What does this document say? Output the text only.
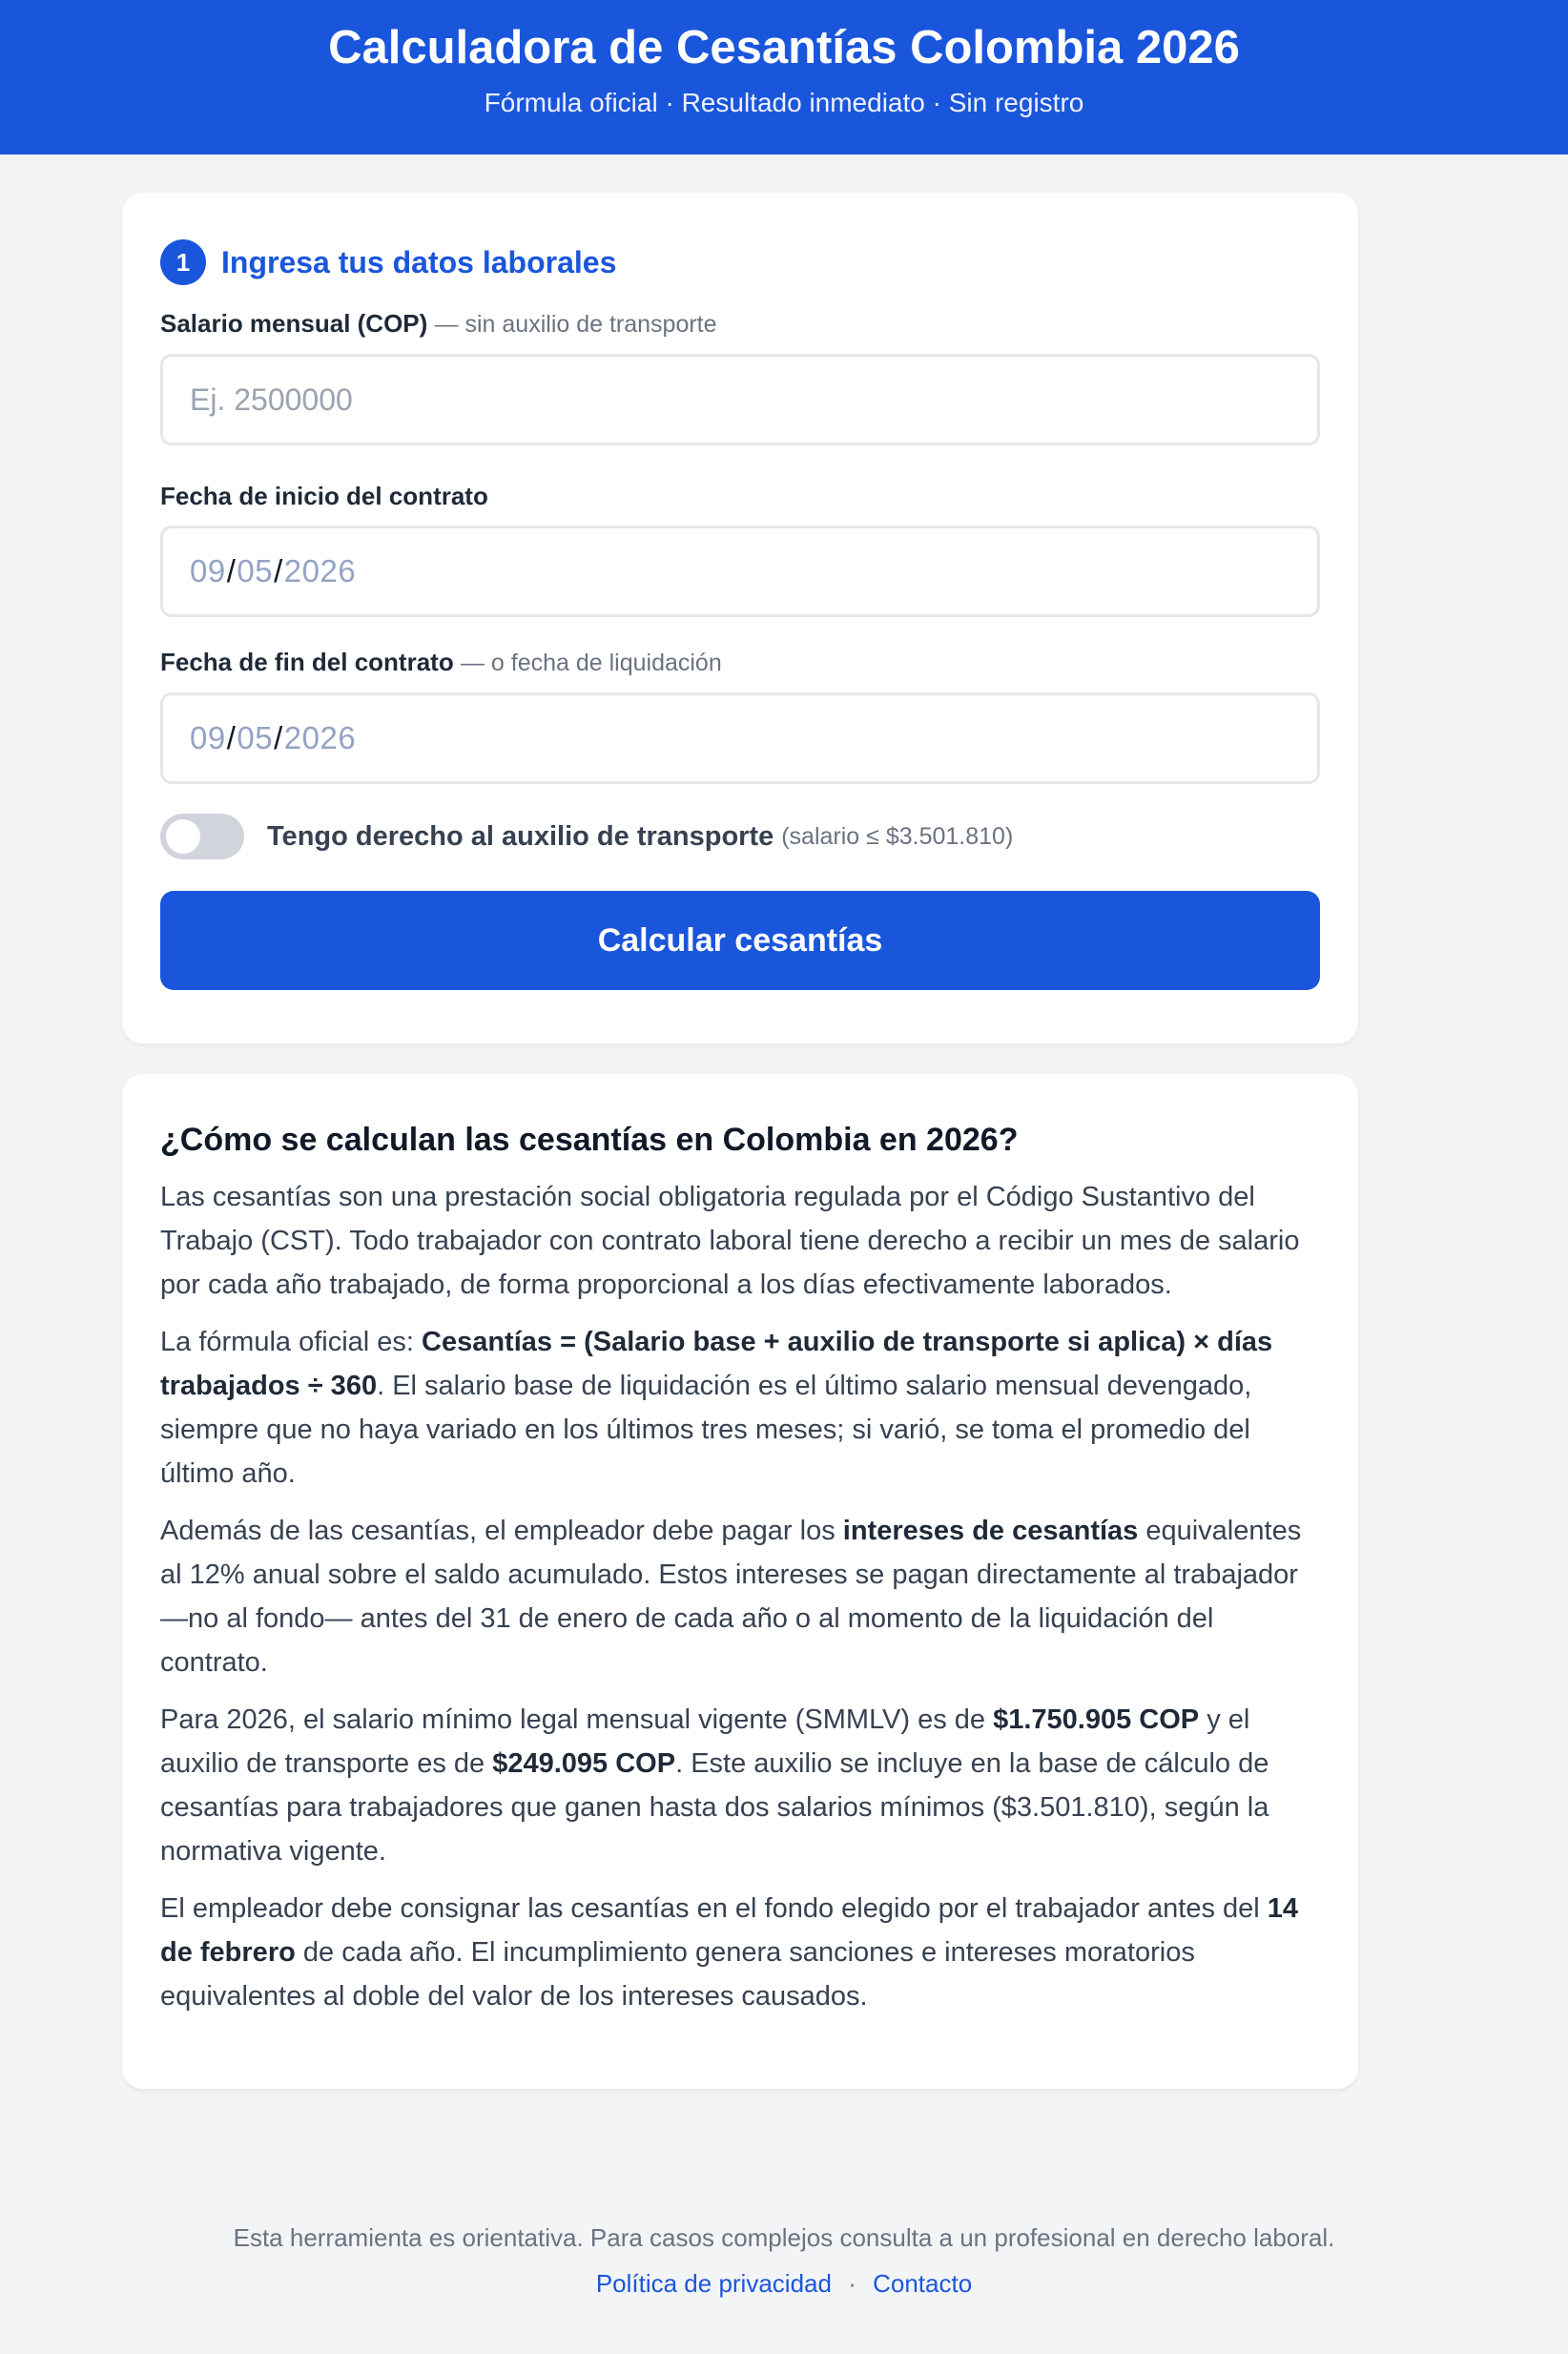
Calculadora de Cesantías Colombia 2026

Fórmula oficial · Resultado inmediato · Sin registro

1	Ingresa tus datos laborales
Salario mensual (COP) — sin auxilio de transporte
Ej. 2500000
Fecha de inicio del contrato
09 / 05 / 2026
Fecha de fin del contrato — o fecha de liquidación
09 / 05 / 2026
Tengo derecho al auxilio de transporte (salario ≤ $3.501.810)
Calcular cesantías
¿Cómo se calculan las cesantías en Colombia en 2026?

Las cesantías son una prestación social obligatoria regulada por el Código Sustantivo del Trabajo (CST). Todo trabajador con contrato laboral tiene derecho a recibir un mes de salario por cada año trabajado, de forma proporcional a los días efectivamente laborados.

La fórmula oficial es: Cesantías = (Salario base + auxilio de transporte si aplica) × días trabajados ÷ 360. El salario base de liquidación es el último salario mensual devengado, siempre que no haya variado en los últimos tres meses; si varió, se toma el promedio del último año.

Además de las cesantías, el empleador debe pagar los intereses de cesantías equivalentes al 12% anual sobre el saldo acumulado. Estos intereses se pagan directamente al trabajador —no al fondo— antes del 31 de enero de cada año o al momento de la liquidación del contrato.

Para 2026, el salario mínimo legal mensual vigente (SMMLV) es de $1.750.905 COP y el auxilio de transporte es de $249.095 COP. Este auxilio se incluye en la base de cálculo de cesantías para trabajadores que ganen hasta dos salarios mínimos ($3.501.810), según la normativa vigente.

El empleador debe consignar las cesantías en el fondo elegido por el trabajador antes del 14 de febrero de cada año. El incumplimiento genera sanciones e intereses moratorios equivalentes al doble del valor de los intereses causados.

Esta herramienta es orientativa. Para casos complejos consulta a un profesional en derecho laboral.
Política de privacidad · Contacto
